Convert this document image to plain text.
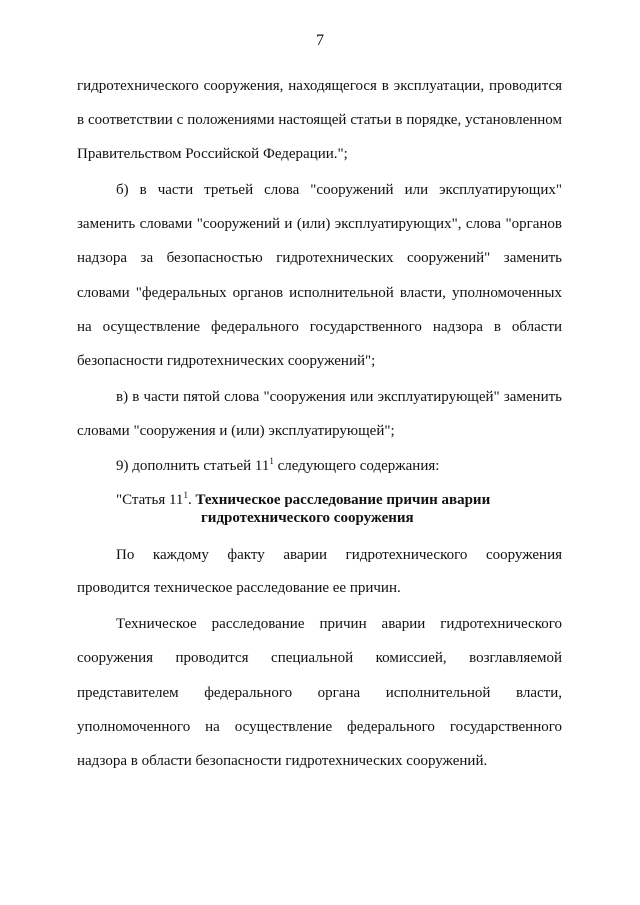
7
гидротехнического сооружения, находящегося в эксплуатации, проводится
в соответствии с положениями настоящей статьи в порядке, установленном
Правительством Российской Федерации.";
б) в части третьей слова "сооружений или эксплуатирующих"
заменить словами "сооружений и (или) эксплуатирующих", слова "органов
надзора за безопасностью гидротехнических сооружений" заменить
словами "федеральных органов исполнительной власти, уполномоченных
на осуществление федерального государственного надзора в области
безопасности гидротехнических сооружений";
в) в части пятой слова "сооружения или эксплуатирующей" заменить
словами "сооружения и (или) эксплуатирующей";
9) дополнить статьей $11^1$ следующего содержания:
"Статья $11^1$. Техническое расследование причин аварии
гидротехнического сооружения
По каждому факту аварии гидротехнического сооружения
проводится техническое расследование ее причин.
Техническое расследование причин аварии гидротехнического
сооружения проводится специальной комиссией, возглавляемой
представителем федерального органа исполнительной власти,
уполномоченного на осуществление федерального государственного
надзора в области безопасности гидротехнических сооружений.
